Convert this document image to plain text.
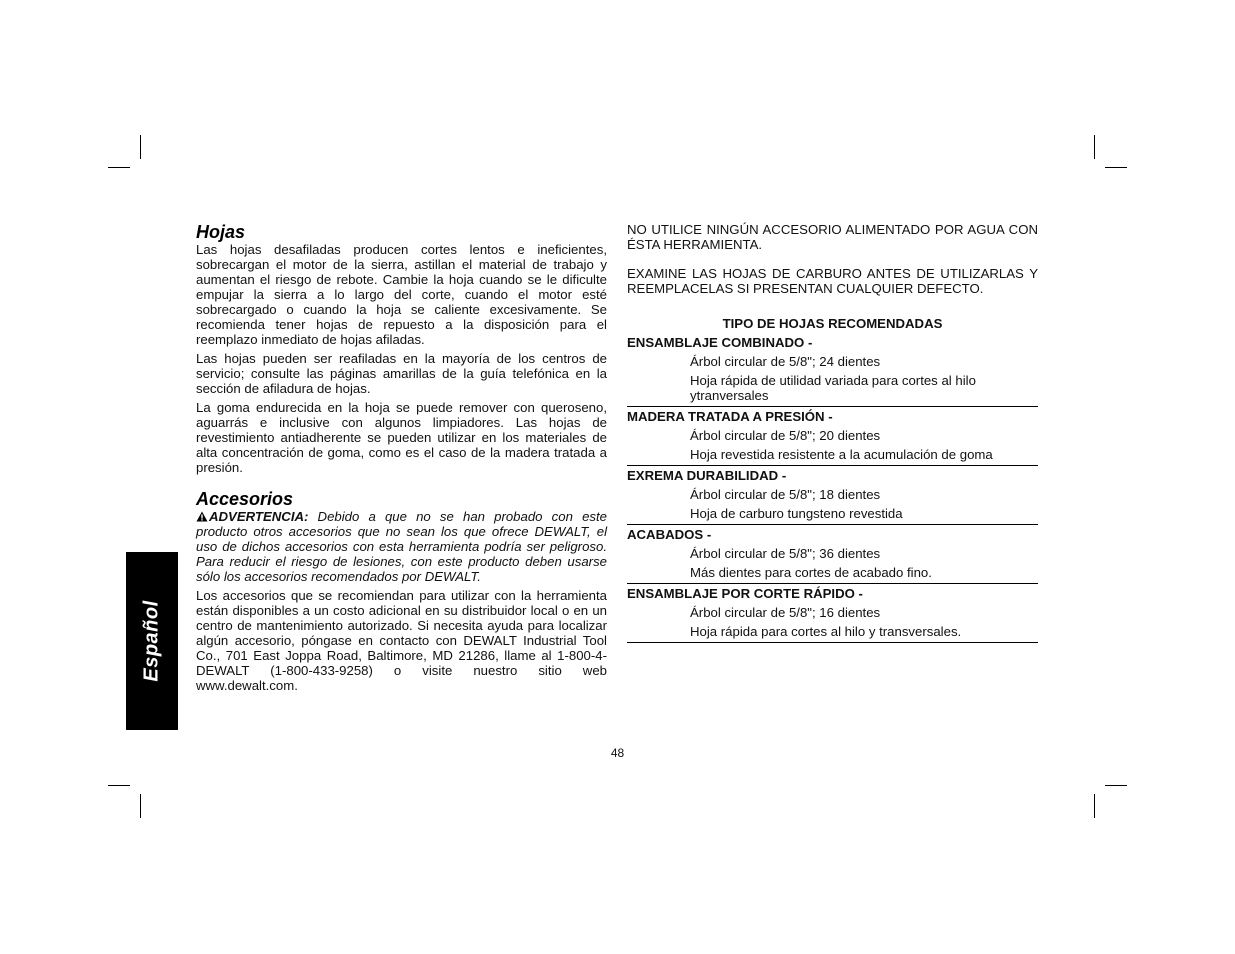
Español
Hojas

Las hojas desafiladas producen cortes lentos e ineficientes, sobrecargan el motor de la sierra, astillan el material de trabajo y aumentan el riesgo de rebote. Cambie la hoja cuando se le dificulte empujar la sierra a lo largo del corte, cuando el motor esté sobrecargado o cuando la hoja se caliente excesivamente. Se recomienda tener hojas de repuesto a la disposición para el reemplazo inmediato de hojas afiladas.

Las hojas pueden ser reafiladas en la mayoría de los centros de servicio; consulte las páginas amarillas de la guía telefónica en la sección de afiladura de hojas.

La goma endurecida en la hoja se puede remover con queroseno, aguarrás e inclusive con algunos limpiadores. Las hojas de revestimiento antiadherente se pueden utilizar en los materiales de alta concentración de goma, como es el caso de la madera tratada a presión.

Accesorios

ADVERTENCIA: Debido a que no se han probado con este producto otros accesorios que no sean los que ofrece DEWALT, el uso de dichos accesorios con esta herramienta podría ser peligroso. Para reducir el riesgo de lesiones, con este producto deben usarse sólo los accesorios recomendados por DEWALT.

Los accesorios que se recomiendan para utilizar con la herramienta están disponibles a un costo adicional en su distribuidor local o en un centro de mantenimiento autorizado. Si necesita ayuda para localizar algún accesorio, póngase en contacto con DEWALT Industrial Tool Co., 701 East Joppa Road, Baltimore, MD 21286, llame al 1-800-4-DEWALT (1-800-433-9258) o visite nuestro sitio web www.dewalt.com.

NO UTILICE NINGÚN ACCESORIO ALIMENTADO POR AGUA CON ÉSTA HERRAMIENTA.

EXAMINE LAS HOJAS DE CARBURO ANTES DE UTILIZARLAS Y REEMPLACELAS SI PRESENTAN CUALQUIER DEFECTO.

TIPO DE HOJAS RECOMENDADAS
ENSAMBLAJE COMBINADO -
Árbol circular de 5/8"; 24 dientes
Hoja rápida de utilidad variada para cortes al hilo ytranversales
MADERA TRATADA A PRESIÓN -
Árbol circular de 5/8"; 20 dientes
Hoja revestida resistente a la acumulación de goma
EXREMA DURABILIDAD -
Árbol circular de 5/8"; 18 dientes
Hoja de carburo tungsteno revestida
ACABADOS -
Árbol circular de 5/8"; 36 dientes
Más dientes para cortes de acabado fino.
ENSAMBLAJE POR CORTE RÁPIDO -
Árbol circular de 5/8"; 16 dientes
Hoja rápida para cortes al hilo y transversales.
48
